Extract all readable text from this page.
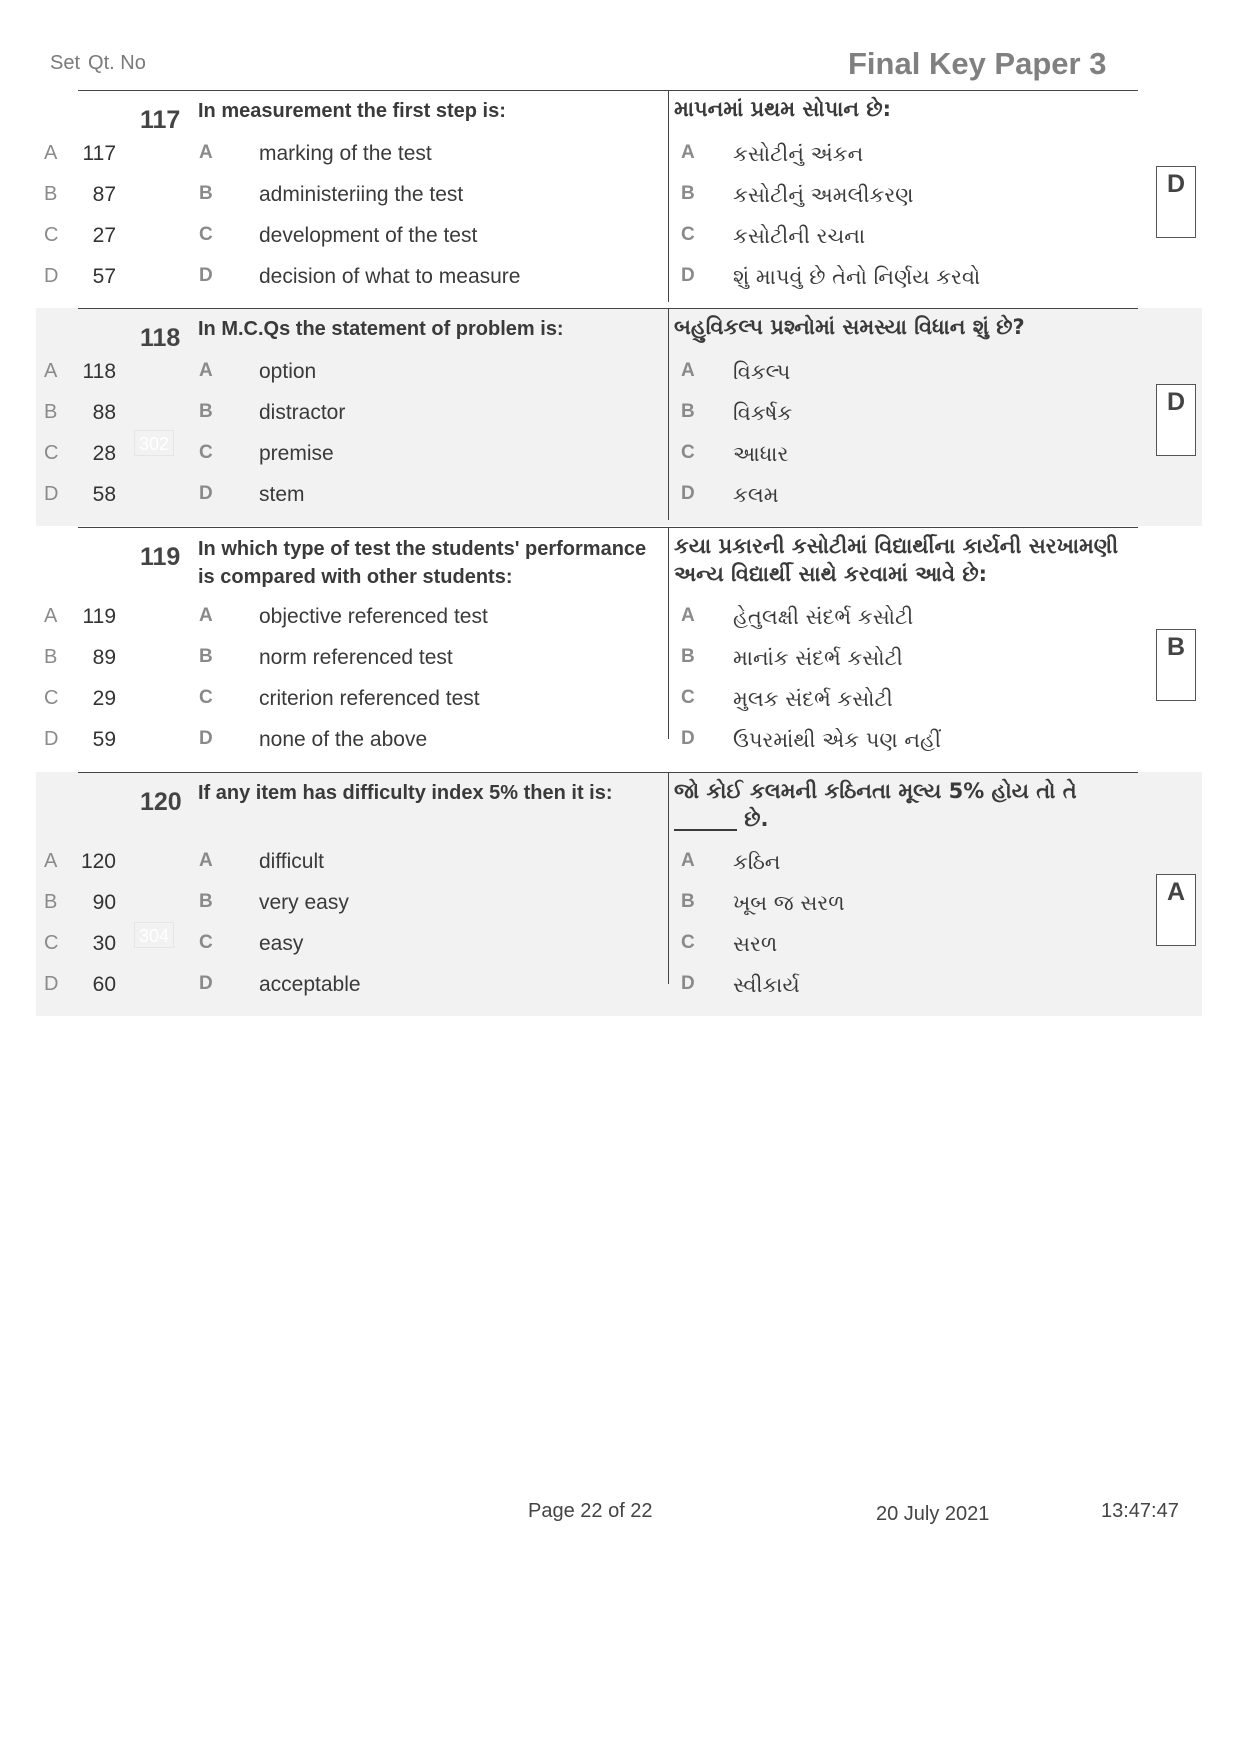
Set Qt. No	Final Key Paper 3
117 In measurement the first step is:	માપનમાં પ્રથમ સોપાન છે:
A	117	A marking of the test	A કસોટીનું અંકન
B	87	B administeriing the test	B કસોટીનું અમલીકરણ
C	27	C development of the test	C કસોટીની રચના
D	57	D decision of what to measure	D શું માપવું છે તેનો નિર્ણય કરવો
D
118 In M.C.Qs the statement of problem is:	બહુવિકલ્પ પ્રશ્નોમાં સમસ્યા વિધાન શું છે?
A	118	A option	A વિકલ્પ
B	88	B distractor	B વિકર્ષક
302
C	28	C premise	C આધાર
D	58	D stem	D કલમ
D
119 In which type of test the students' performance is compared with other students:
કયા પ્રકારની કસોટીમાં વિદ્યાર્થીના કાર્યની સરખામણી અન્ય વિદ્યાર્થી સાથે કરવામાં આવે છે:
A	119	A objective referenced test	A હેતુલક્ષી સંદર્ભ કસોટી
B	89	B norm referenced test	B માનાંક સંદર્ભ કસોટી
C	29	C criterion referenced test	C મુલક સંદર્ભ કસોટી
D	59	D none of the above	D ઉપરમાંથી એક પણ નહીં
B
120 If any item has difficulty index 5% then it is:	જો કોઈ કલમની કઠિનતા મૂલ્ય 5% હોય તો તે ______ છે.
A 120	A difficult	A કઠિન
B	90	B very easy	B ખૂબ જ સરળ
304
C	30	C easy	C સરળ
D	60	D acceptable	D સ્વીકાર્ય
A
Page 22 of 22	20 July 2021	13:47:47
